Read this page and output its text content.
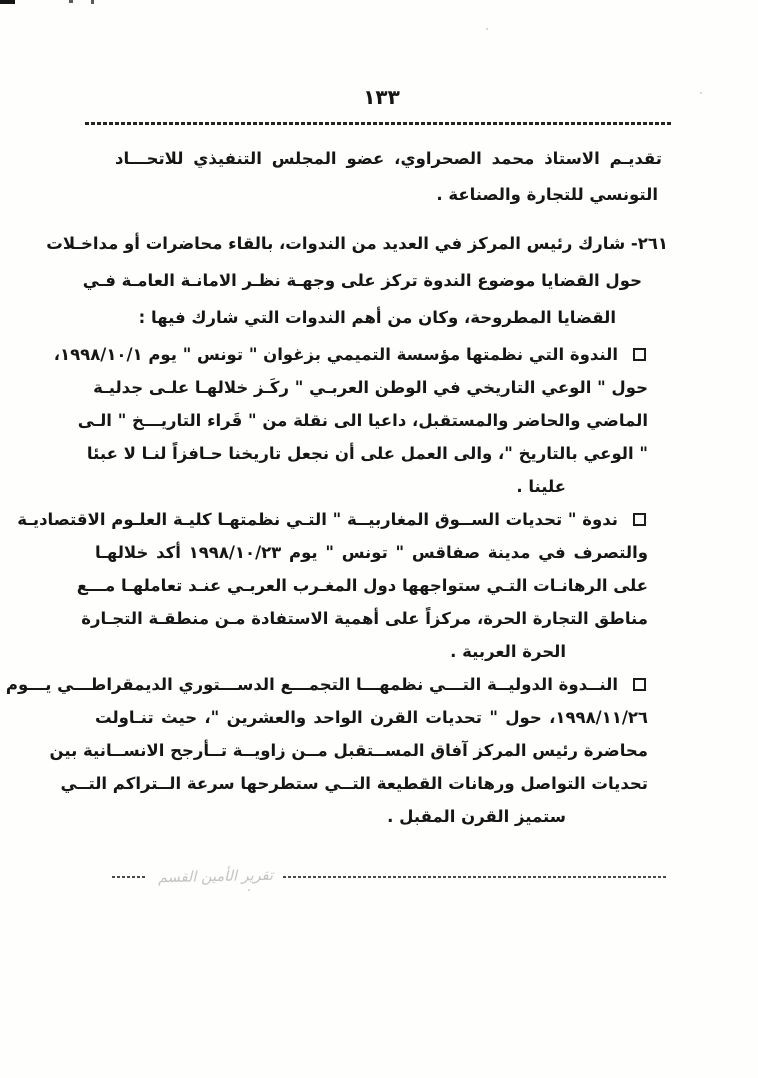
١٣٣
تقديـم الاستاذ محمد الصحراوي، عضو المجلس التنفيذي للاتحـــاد
التونسي للتجارة والصناعة .
٢٦١- شارك رئيس المركز في العديد من الندوات، بالقاء محاضرات أو مداخـلات
حول القضايا موضوع الندوة تركز على وجهـة نظـر الامانـة العامـة فـي
القضايا المطروحة، وكان من أهم الندوات التي شارك فيها :
الندوة التي نظمتها مؤسسة التميمي بزغوان " تونس " يوم ١٩٩٨/١٠/١،
حول " الوعي التاريخي في الوطن العربـي " ركَـز خلالهـا علـى جدليـة
الماضي والحاضر والمستقبل، داعيا الى نقلة من " قَراء التاريـــخ " الـى
" الوعي بالتاريخ "، والى العمل على أن نجعل تاريخنا حـافزاً لنـا لا عبئا
علينا .
ندوة " تحديات الســوق المغاربيــة " التـي نظمتهـا كليـة العلـوم الاقتصاديـة
والتصرف في مدينة صفاقس " تونس " يوم ١٩٩٨/١٠/٢٣ أكد خلالهـا
على الرهانـات التـي ستواجهها دول المغـرب العربـي عنـد تعاملهـا مـــع
مناطق التجارة الحرة، مركزاً على أهمية الاستفادة مـن منطقـة التجـارة
الحرة العربية .
النــدوة الدوليــة التـــي نظمهـــا التجمـــع الدســـتوري الديمقراطـــي يـــوم
١٩٩٨/١١/٢٦، حول " تحديات القرن الواحد والعشرين "، حيث تنـاولت
محاضرة رئيس المركز آفاق المســتقبل مــن زاويــة تــأرجح الانســانية بين
تحديات التواصل ورهانات القطيعة التــي ستطرحها سرعة الــتراكم التــي
ستميز القرن المقبل .
تقرير الأمين القسم
